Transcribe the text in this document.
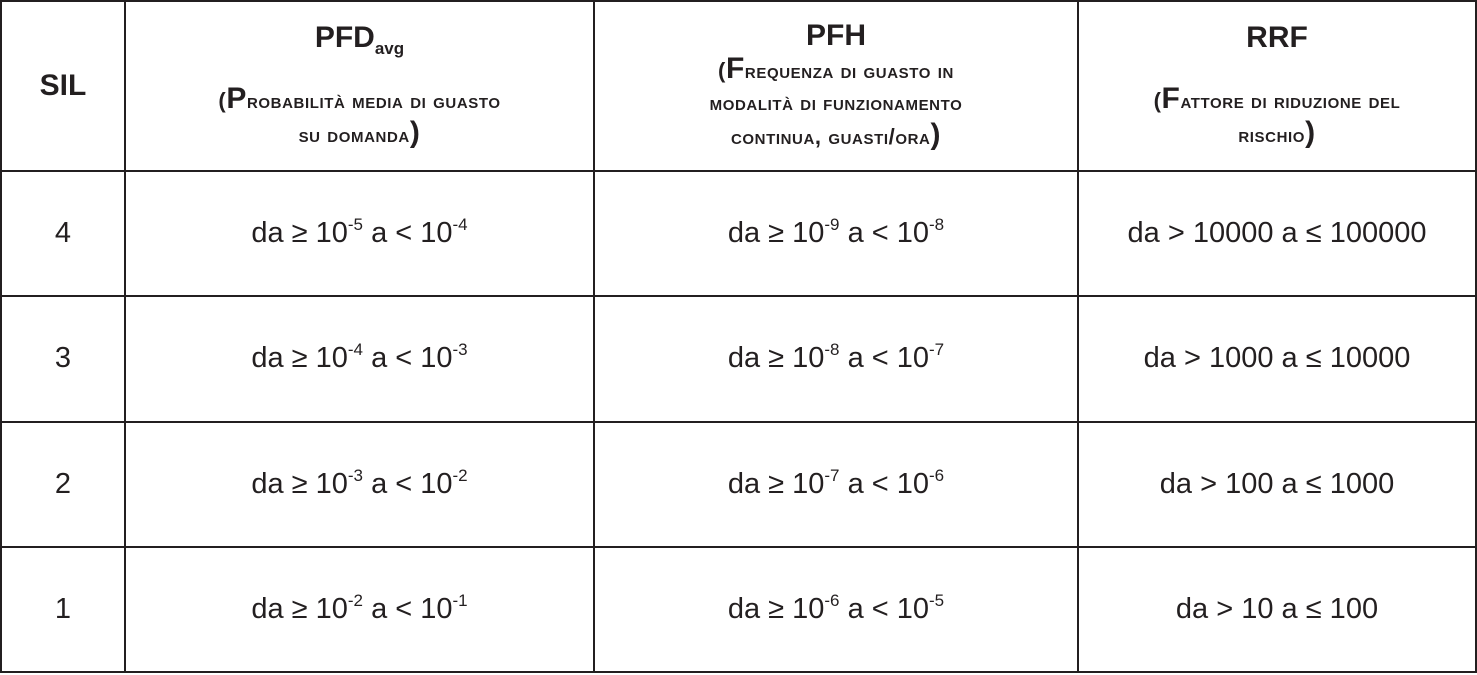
SIL	$PFD_{avg}$
(Probabilità media di guasto
su domanda)	PFH
(Frequenza di guasto in
modalità di funzionamento
continua, guasti/ora)	RRF
(Fattore di riduzione del
rischio)

4	da ≥ $10^{-5}$ $a < 10^{-4}$	da ≥ $10^{-9}$ $a < 10^{-8}$	da > 10000 a ≤ 100000
3	da ≥ $10^{-4}$ $a < 10^{-3}$	da ≥ $10^{-8}$ $a < 10^{-7}$	da > 1000 a ≤ 10000
2	da ≥ $10^{-3}$ $a < 10^{-2}$	da ≥ $10^{-7}$ $a < 10^{-6}$	da > 100 a ≤ 1000
1	da ≥ $10^{-2}$ $a < 10^{-1}$	da ≥ $10^{-6}$ $a < 10^{-5}$	da > 10 a ≤ 100
